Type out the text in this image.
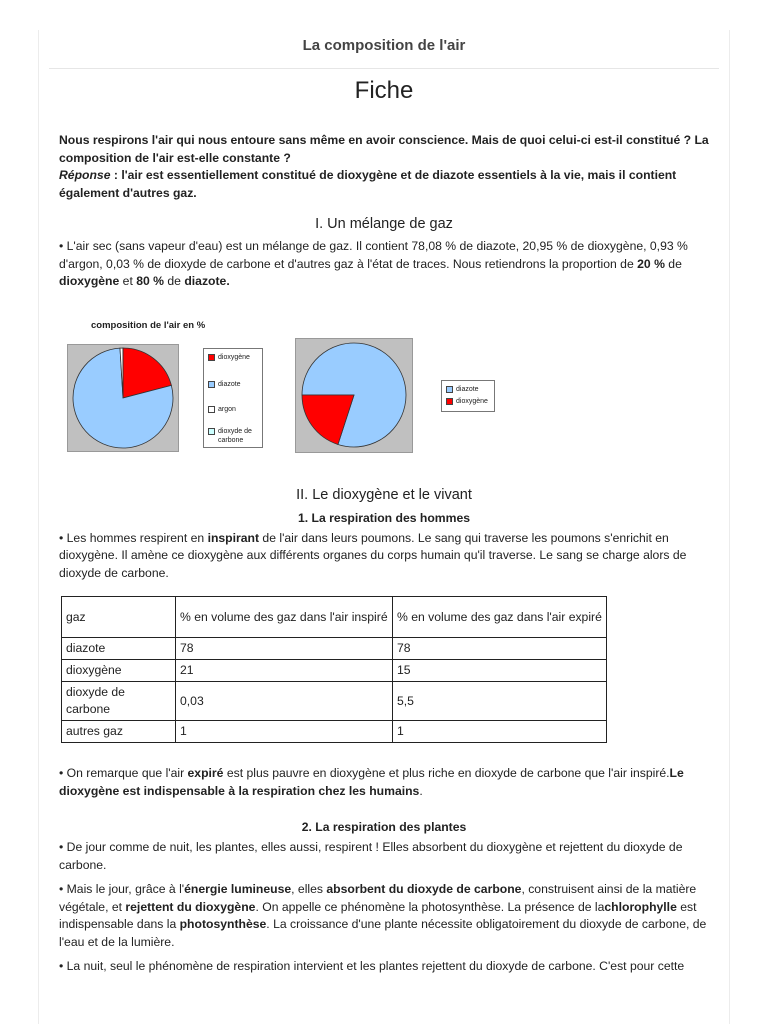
La composition de l'air
Fiche

Nous respirons l'air qui nous entoure sans même en avoir conscience. Mais de quoi celui-ci est-il constitué ? La composition de l'air est-elle constante ?
Réponse : l'air est essentiellement constitué de dioxygène et de diazote essentiels à la vie, mais il contient également d'autres gaz.

I. Un mélange de gaz

• L'air sec (sans vapeur d'eau) est un mélange de gaz. Il contient 78,08 % de diazote, 20,95 % de dioxygène, 0,93 % d'argon, 0,03 % de dioxyde de carbone et d'autres gaz à l'état de traces. Nous retiendrons la proportion de 20 % de dioxygène et 80 % de diazote.

composition de l'air en %
dioxygène
diazote
argon
dioxyde de carbone
diazote
dioxygène
II. Le dioxygène et le vivant
1. La respiration des hommes

• Les hommes respirent en inspirant de l'air dans leurs poumons. Le sang qui traverse les poumons s'enrichit en dioxygène. Il amène ce dioxygène aux différents organes du corps humain qu'il traverse. Le sang se charge alors de dioxyde de carbone.

gaz	% en volume des gaz dans l'air inspiré	% en volume des gaz dans l'air expiré
diazote	78	78
dioxygène	21	15
dioxyde de carbone	0,03	5,5
autres gaz	1	1

• On remarque que l'air expiré est plus pauvre en dioxygène et plus riche en dioxyde de carbone que l'air inspiré.Le dioxygène est indispensable à la respiration chez les humains.

2. La respiration des plantes

• De jour comme de nuit, les plantes, elles aussi, respirent ! Elles absorbent du dioxygène et rejettent du dioxyde de carbone.

• Mais le jour, grâce à l'énergie lumineuse, elles absorbent du dioxyde de carbone, construisent ainsi de la matière végétale, et rejettent du dioxygène. On appelle ce phénomène la photosynthèse. La présence de lachlorophylle est indispensable dans la photosynthèse. La croissance d'une plante nécessite obligatoirement du dioxyde de carbone, de l'eau et de la lumière.

• La nuit, seul le phénomène de respiration intervient et les plantes rejettent du dioxyde de carbone. C'est pour cette
